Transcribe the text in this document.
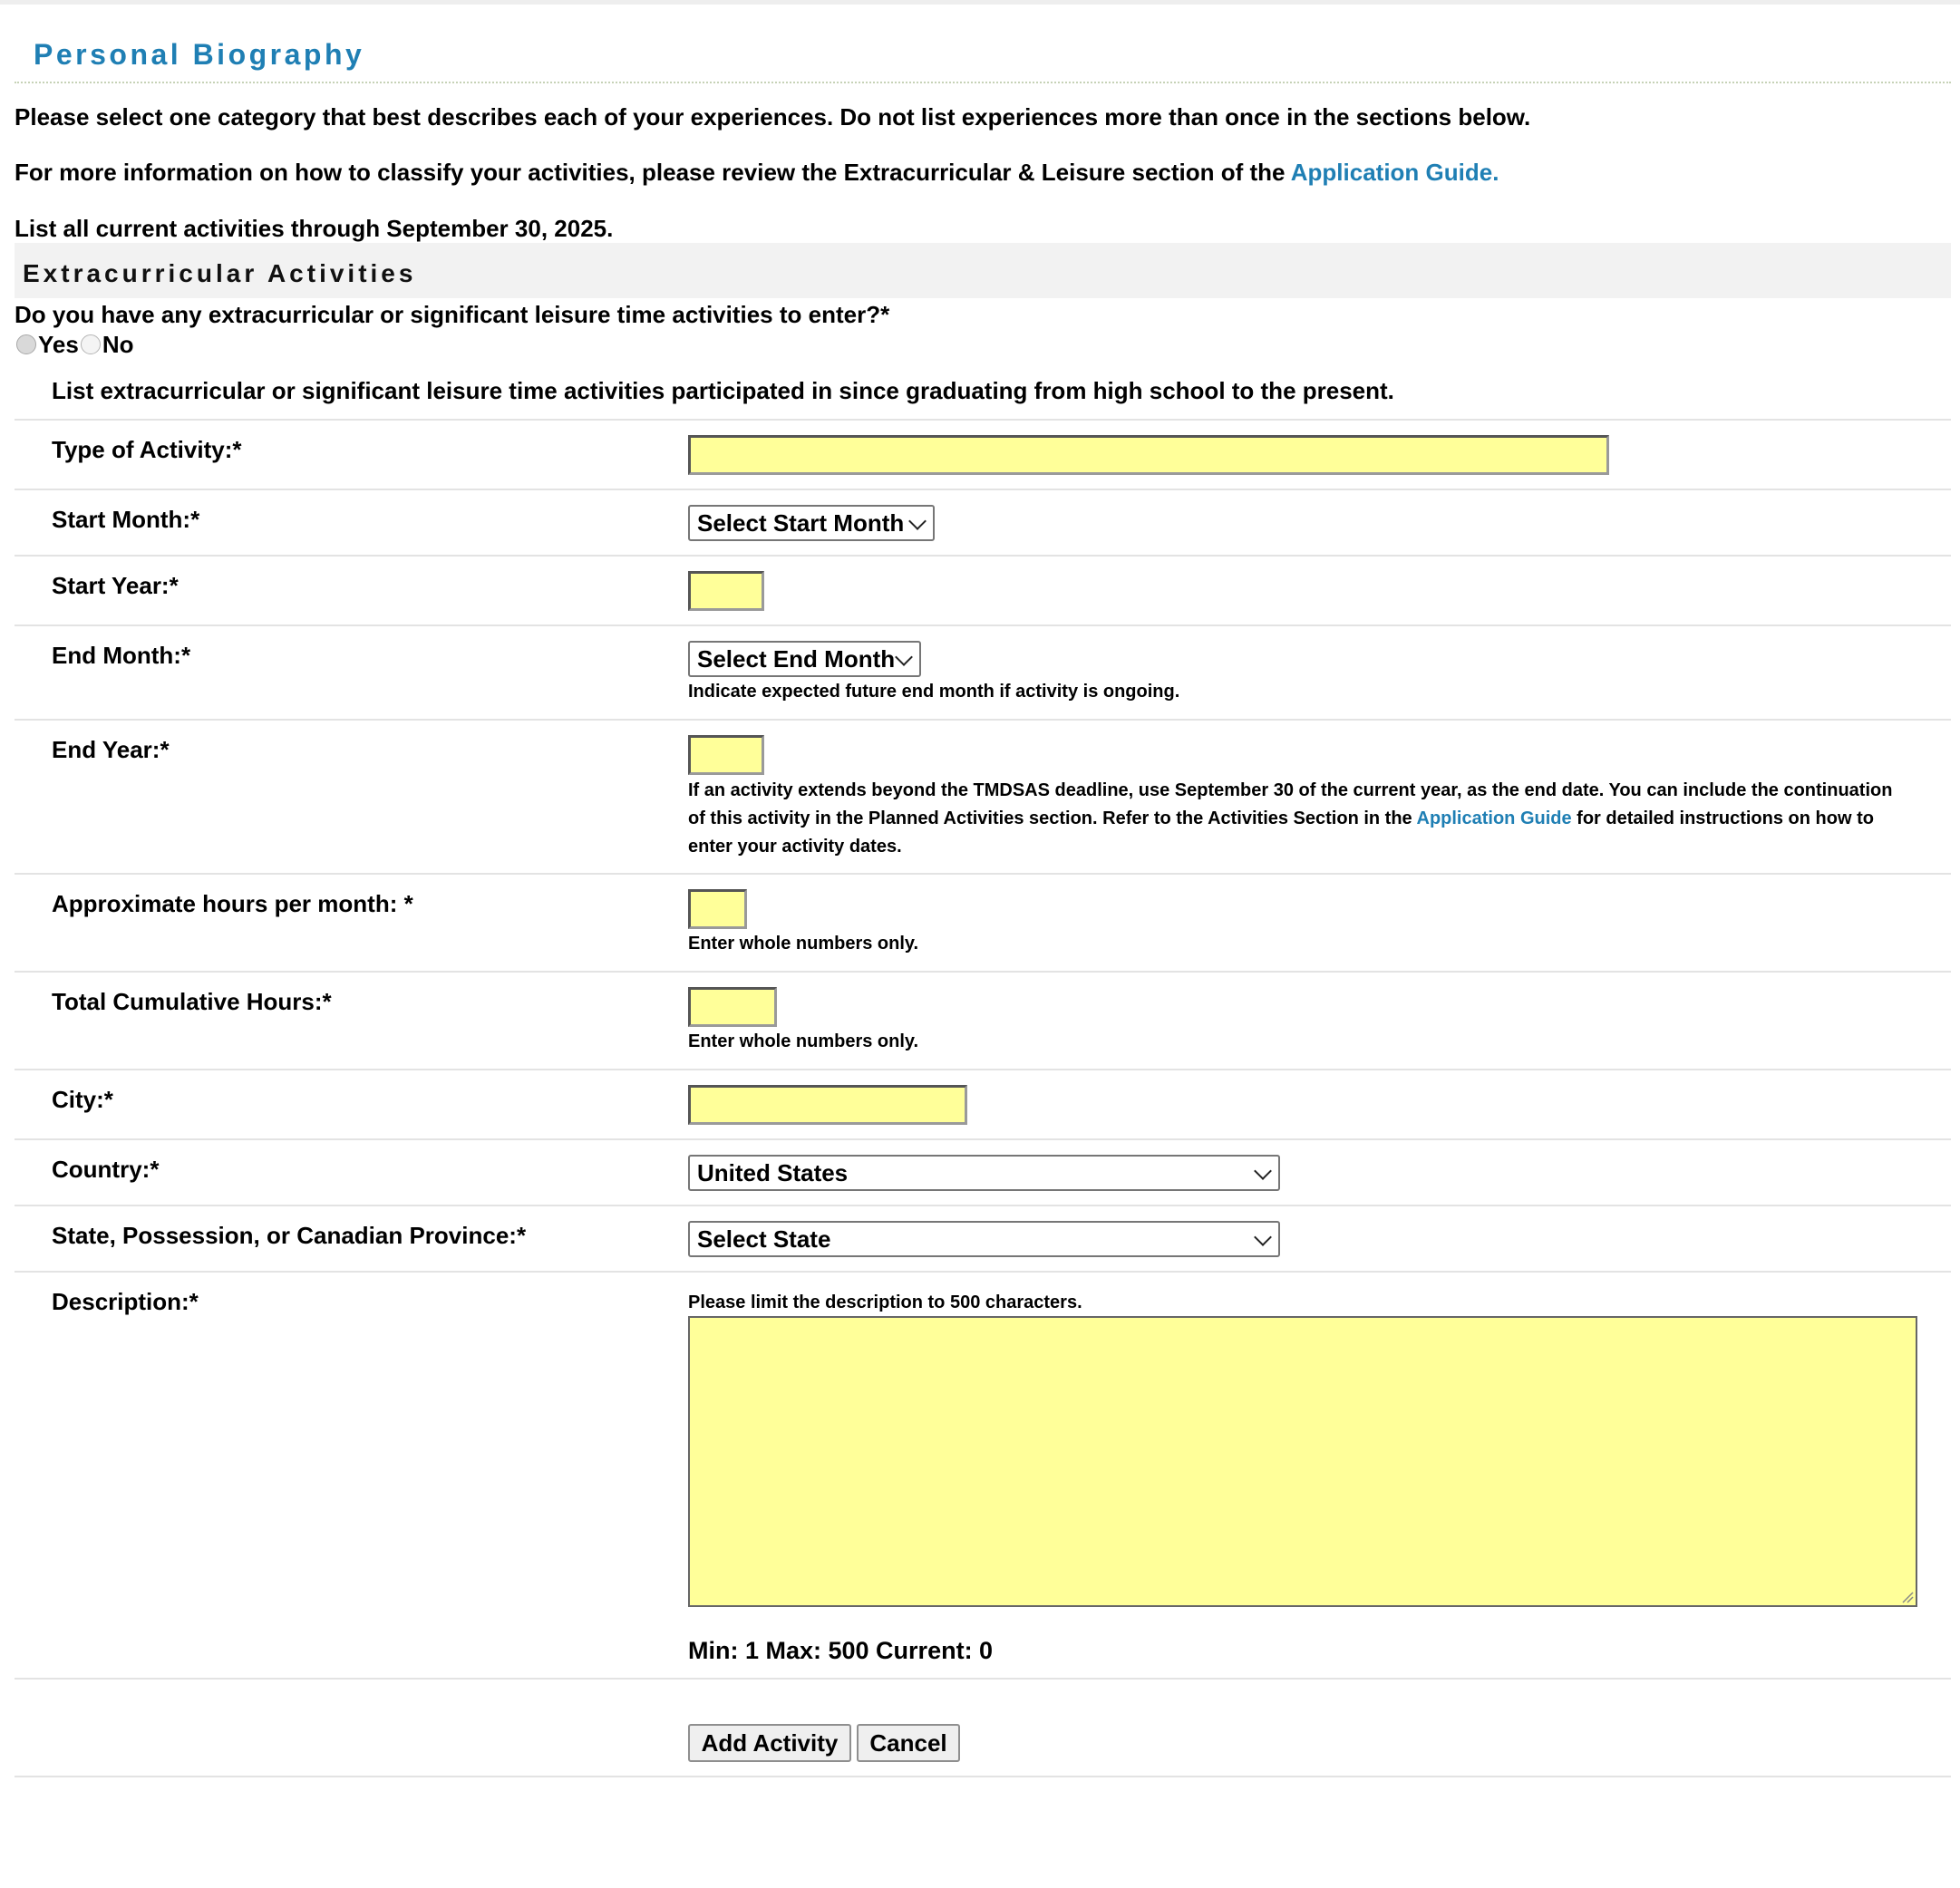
Personal Biography
Please select one category that best describes each of your experiences. Do not list experiences more than once in the sections below.
For more information on how to classify your activities, please review the Extracurricular & Leisure section of the Application Guide.
List all current activities through September 30, 2025.
Extracurricular Activities
Do you have any extracurricular or significant leisure time activities to enter?*
Yes No
List extracurricular or significant leisure time activities participated in since graduating from high school to the present.
Type of Activity:*
Start Month:*	Select Start Month
Start Year:*
End Month:*	Select End Month
Indicate expected future end month if activity is ongoing.
End Year:*
If an activity extends beyond the TMDSAS deadline, use September 30 of the current year, as the end date. You can include the continuation of this activity in the Planned Activities section. Refer to the Activities Section in the Application Guide for detailed instructions on how to enter your activity dates.
Approximate hours per month: *
Enter whole numbers only.
Total Cumulative Hours:*
Enter whole numbers only.
City:*
Country:*	United States
State, Possession, or Canadian Province:*	Select State
Description:*	Please limit the description to 500 characters.
Min: 1 Max: 500 Current: 0
Add Activity	Cancel
